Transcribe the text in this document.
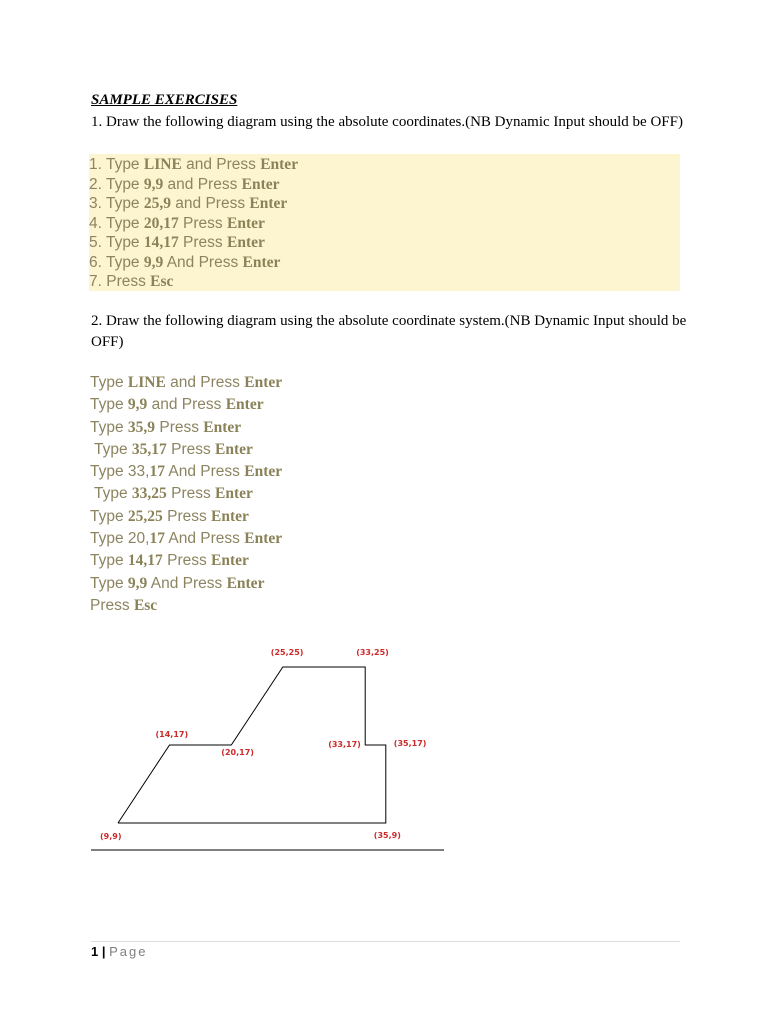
SAMPLE EXERCISES
1. Draw the following diagram using the absolute coordinates.(NB Dynamic Input should be OFF)
1. Type LINE and Press Enter
2. Type 9,9 and Press Enter
3. Type 25,9 and Press Enter
4. Type 20,17 Press Enter
5. Type 14,17 Press Enter
6. Type 9,9 And Press Enter
7. Press Esc
2. Draw the following diagram using the absolute coordinate system.(NB Dynamic Input should be OFF)
Type LINE and Press Enter
Type 9,9 and Press Enter
Type 35,9 Press Enter
Type 35,17 Press Enter
Type 33,17 And Press Enter
Type 33,25 Press Enter
Type 25,25 Press Enter
Type 20,17 And Press Enter
Type 14,17 Press Enter
Type 9,9 And Press Enter
Press Esc
(9,9)	(35,9)
(35,17)
(33,17)
(33,25)
(25,25)
(20,17)
(14,17)
1 | Page
